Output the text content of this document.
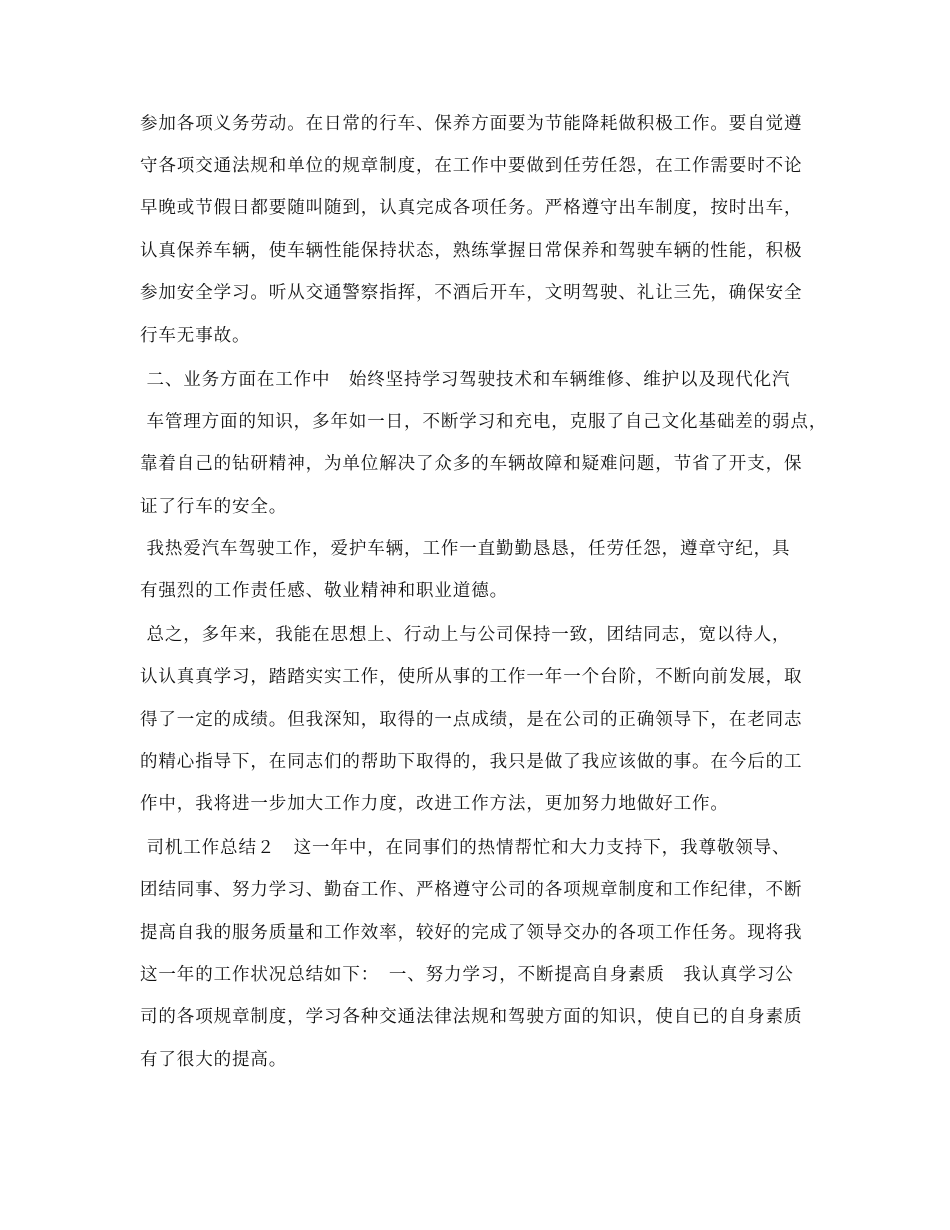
参加各项义务劳动。在日常的行车、保养方面要为节能降耗做积极工作。要自觉遵
守各项交通法规和单位的规章制度，在工作中要做到任劳任怨，在工作需要时不论
早晚或节假日都要随叫随到，认真完成各项任务。严格遵守出车制度，按时出车，
认真保养车辆，使车辆性能保持状态，熟练掌握日常保养和驾驶车辆的性能，积极
参加安全学习。听从交通警察指挥，不酒后开车，文明驾驶、礼让三先，确保安全
行车无事故。
二、业务方面在工作中　始终坚持学习驾驶技术和车辆维修、维护以及现代化汽
车管理方面的知识，多年如一日，不断学习和充电，克服了自己文化基础差的弱点，
靠着自己的钻研精神，为单位解决了众多的车辆故障和疑难问题，节省了开支，保
证了行车的安全。
我热爱汽车驾驶工作，爱护车辆，工作一直勤勤恳恳，任劳任怨，遵章守纪，具
有强烈的工作责任感、敬业精神和职业道德。
总之，多年来，我能在思想上、行动上与公司保持一致，团结同志，宽以待人，
认认真真学习，踏踏实实工作，使所从事的工作一年一个台阶，不断向前发展，取
得了一定的成绩。但我深知，取得的一点成绩，是在公司的正确领导下，在老同志
的精心指导下，在同志们的帮助下取得的，我只是做了我应该做的事。在今后的工
作中，我将进一步加大工作力度，改进工作方法，更加努力地做好工作。
司机工作总结２　这一年中，在同事们的热情帮忙和大力支持下，我尊敬领导、
团结同事、努力学习、勤奋工作、严格遵守公司的各项规章制度和工作纪律，不断
提高自我的服务质量和工作效率，较好的完成了领导交办的各项工作任务。现将我
这一年的工作状况总结如下：　一、努力学习，不断提高自身素质　我认真学习公
司的各项规章制度，学习各种交通法律法规和驾驶方面的知识，使自已的自身素质
有了很大的提高。
